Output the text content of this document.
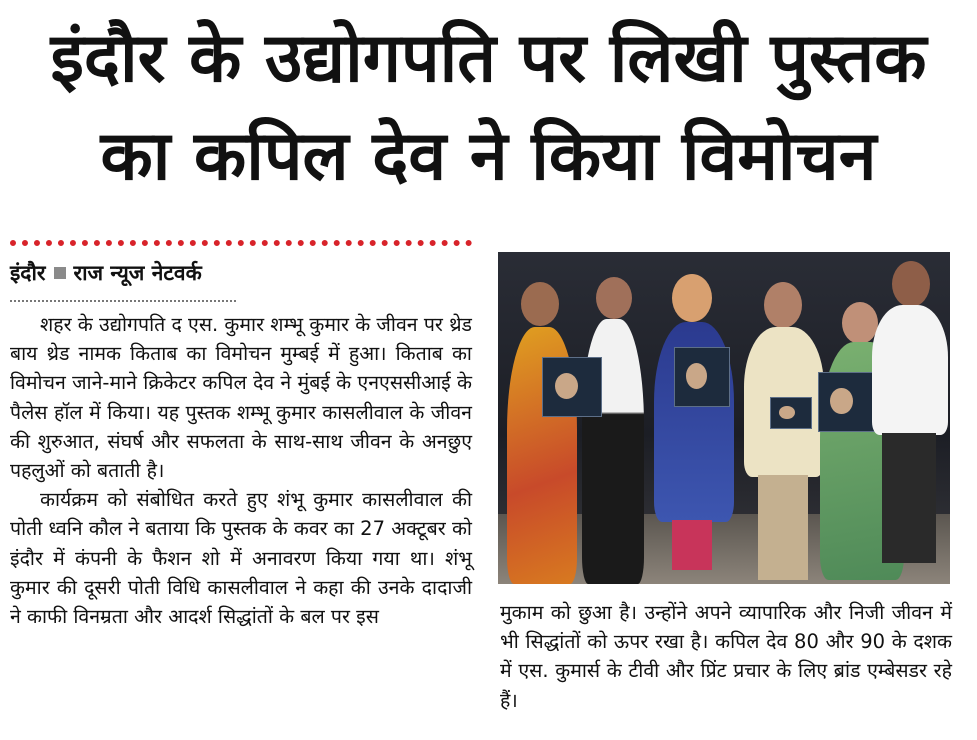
इंदौर के उद्योगपति पर लिखी पुस्तक
का कपिल देव ने किया विमोचन
इंदौर राज न्यूज नेटवर्क

शहर के उद्योगपति द एस. कुमार शम्भू कुमार के जीवन पर थ्रेड बाय थ्रेड नामक किताब का विमोचन मुम्बई में हुआ। किताब का विमोचन जाने-माने क्रिकेटर कपिल देव ने मुंबई के एनएससीआई के पैलेस हॉल में किया। यह पुस्तक शम्भू कुमार कासलीवाल के जीवन की शुरुआत, संघर्ष और सफलता के साथ-साथ जीवन के अनछुए पहलुओं को बताती है।

कार्यक्रम को संबोधित करते हुए शंभू कुमार कासलीवाल की पोती ध्वनि कौल ने बताया कि पुस्तक के कवर का 27 अक्टूबर को इंदौर में कंपनी के फैशन शो में अनावरण किया गया था। शंभू कुमार की दूसरी पोती विधि कासलीवाल ने कहा की उनके दादाजी ने काफी विनम्रता और आदर्श सिद्धांतों के बल पर इस	मुकाम को छुआ है। उन्होंने अपने व्यापारिक और निजी जीवन में भी सिद्धांतों को ऊपर रखा है। कपिल देव 80 और 90 के दशक में एस. कुमार्स के टीवी और प्रिंट प्रचार के लिए ब्रांड एम्बेसडर रहे हैं।
